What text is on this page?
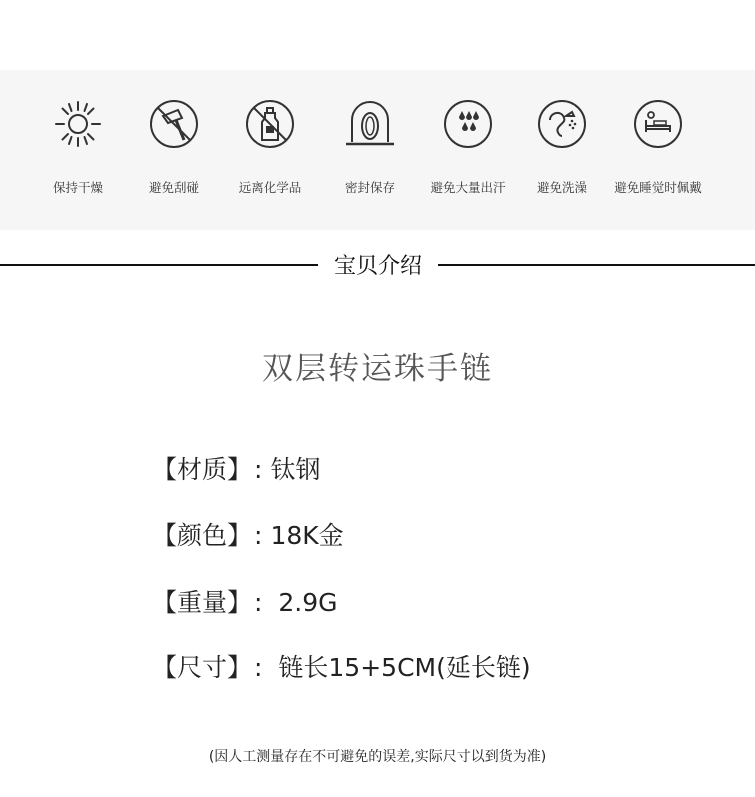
保持干燥	避免刮碰	远离化学品	密封保存	避免大量出汗	避免洗澡	避免睡觉时佩戴
宝贝介绍
双层转运珠手链
【材质】: 钛钢
【颜色】: 18K金
【重量】: 2.9G
【尺寸】: 链长15+5CM(延长链)
(因人工测量存在不可避免的误差,实际尺寸以到货为准)
